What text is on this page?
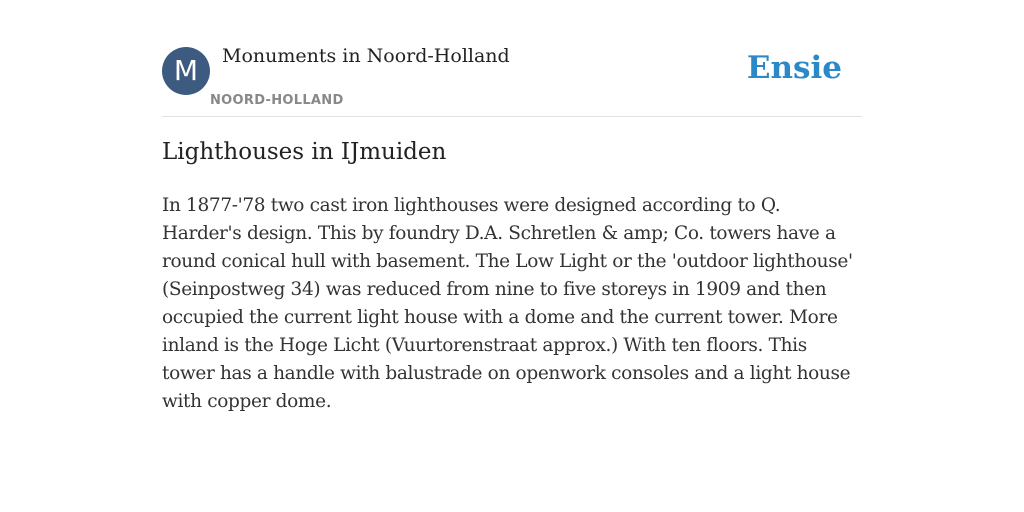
M	Monuments in Noord-Holland
NOORD-HOLLAND
Ensie
Lighthouses in IJmuiden

In 1877-'78 two cast iron lighthouses were designed according to Q. Harder's design. This by foundry D.A. Schretlen & amp; Co. towers have a round conical hull with basement. The Low Light or the 'outdoor lighthouse' (Seinpostweg 34) was reduced from nine to five storeys in 1909 and then occupied the current light house with a dome and the current tower. More inland is the Hoge Licht (Vuurtorenstraat approx.) With ten floors. This tower has a handle with balustrade on openwork consoles and a light house with copper dome.
